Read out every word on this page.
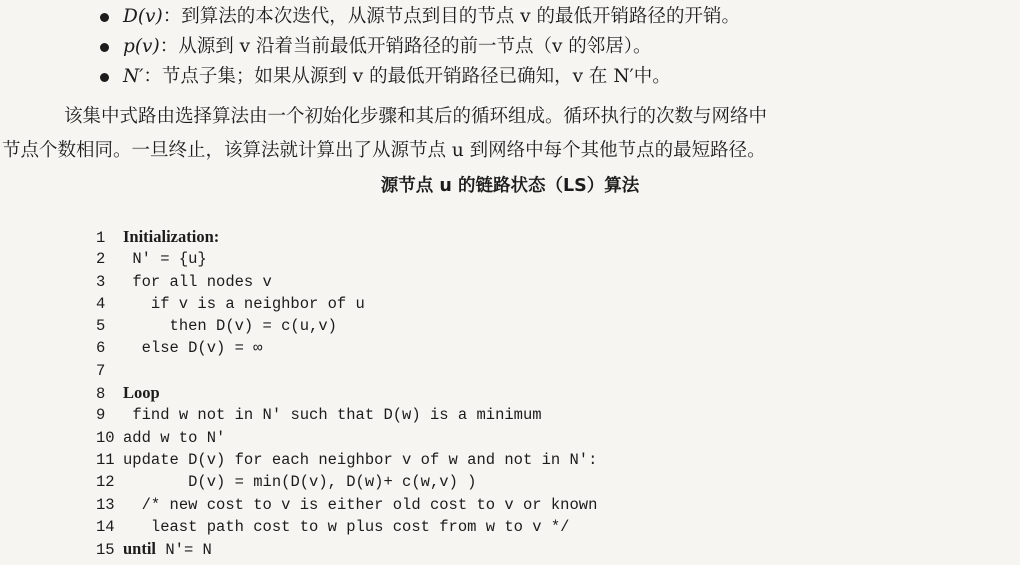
D(v) ：到算法的本次迭代，从源节点到目的节点 v 的最低开销路径的开销。
p(v) ：从源到 v 沿着当前最低开销路径的前一节点（v 的邻居）。
N′ ：节点子集；如果从源到 v 的最低开销路径已确知，v 在 N′中。
该集中式路由选择算法由一个初始化步骤和其后的循环组成。循环执行的次数与网络中
节点个数相同。一旦终止，该算法就计算出了从源节点 u 到网络中每个其他节点的最短路径。
源节点 u 的链路状态（LS）算法
1 Initialization:
2 N′ = {u}
3 for all nodes v
4	if v is a neighbor of u
5	then D(v) = c(u,v)
6 else D(v) = ∞
7
8 Loop
9 find w not in N′ such that D(w) is a minimum
10 add w to N′
11 update D(v) for each neighbor v of w and not in N′:
12	D(v) = min(D(v), D(w)+ c(w,v) )
13 /* new cost to v is either old cost to v or known
14 least path cost to w plus cost from w to v */
15 until N′= N
